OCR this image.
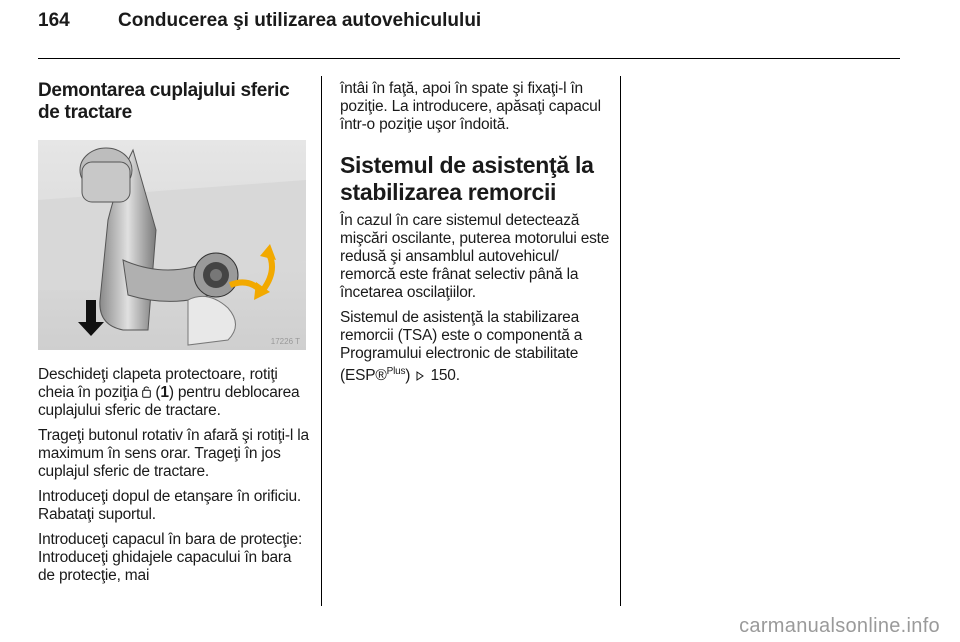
164	Conducerea şi utilizarea autovehiculului
Demontarea cuplajului sferic de tractare
17226 T

Deschideţi clapeta protectoare, rotiţi cheia în poziţia  (1) pentru deblocarea cuplajului sferic de tractare.

Trageţi butonul rotativ în afară şi rotiţi-l la maximum în sens orar. Trageţi în jos cuplajul sferic de tractare.

Introduceţi dopul de etanşare în orificiu. Rabataţi suportul.

Introduceţi capacul în bara de protecţie: Introduceţi ghidajele capacului în bara de protecţie, mai

întâi în faţă, apoi în spate şi fixaţi-l în poziţie. La introducere, apăsaţi capacul într-o poziţie uşor îndoită.

Sistemul de asistenţă la stabilizarea remorcii

În cazul în care sistemul detectează mişcări oscilante, puterea motorului este redusă şi ansamblul autovehicul/ remorcă este frânat selectiv până la încetarea oscilaţiilor.

Sistemul de asistenţă la stabilizarea remorcii (TSA) este o componentă a Programului electronic de stabilitate (ESP®$^{Plus}$)  150.

carmanualsonline.info
